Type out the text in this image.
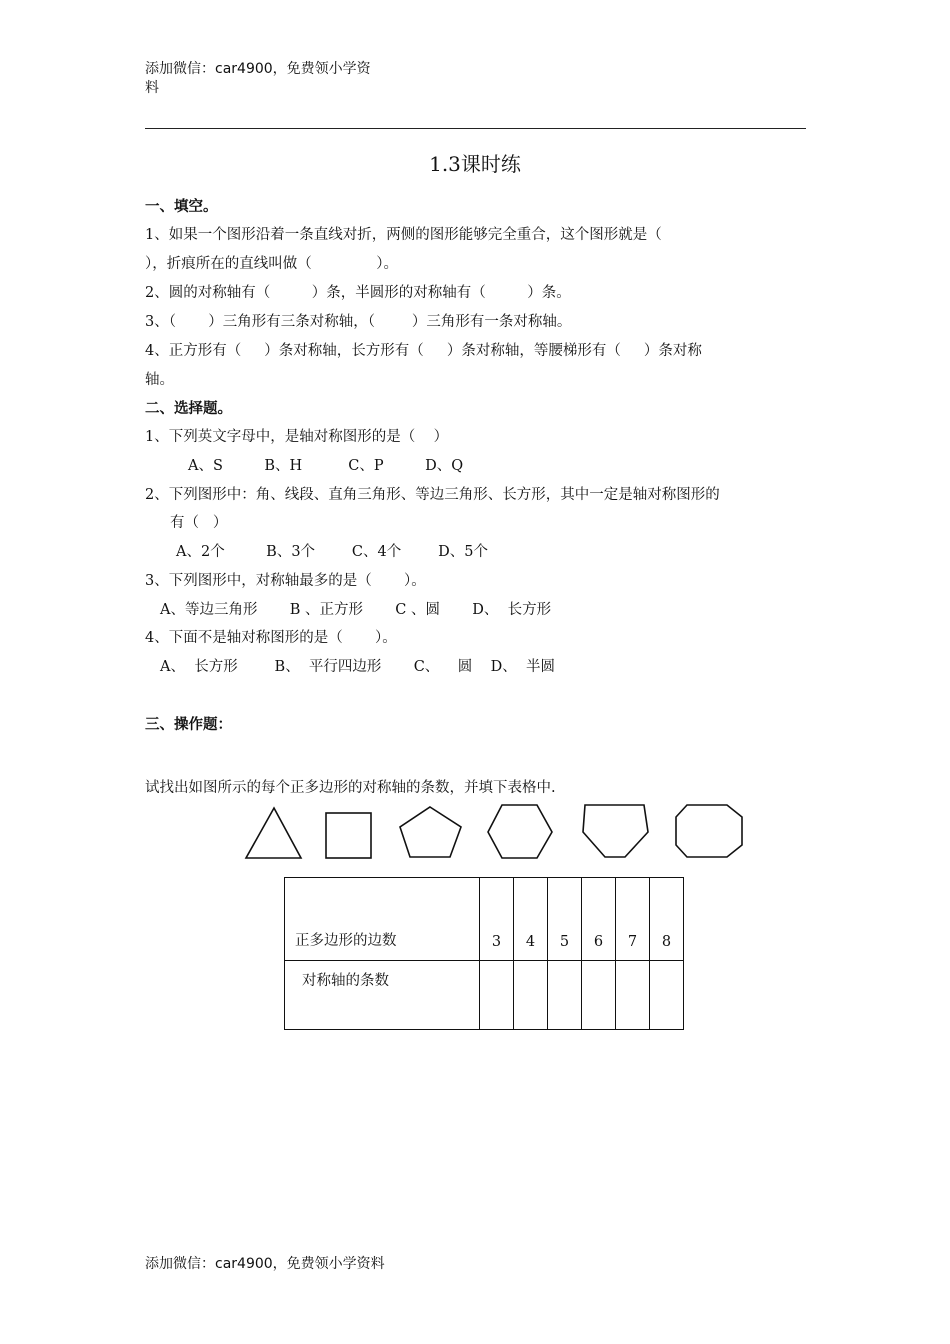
添加微信：car4900，免费领小学资
料
1.3课时练
一、填空。
1、如果一个图形沿着一条直线对折，两侧的图形能够完全重合，这个图形就是（
），折痕所在的直线叫做（              ）。
2、圆的对称轴有（         ）条，半圆形的对称轴有（         ）条。
3、（       ）三角形有三条对称轴，（        ）三角形有一条对称轴。
4、正方形有（     ）条对称轴，长方形有（     ）条对称轴，等腰梯形有（     ）条对称
轴。
二、选择题。
1、下列英文字母中，是轴对称图形的是（    ）
A、S         B、H          C、P         D、Q
2、下列图形中：角、线段、直角三角形、等边三角形、长方形，其中一定是轴对称图形的
有（   ）
A、2个         B、3个        C、4个        D、5个
3、下列图形中，对称轴最多的是（       ）。
A、等边三角形       B 、正方形       C 、圆       D、  长方形
4、下面不是轴对称图形的是（       ）。
A、  长方形        B、  平行四边形       C、    圆    D、  半圆
三、操作题：
试找出如图所示的每个正多边形的对称轴的条数，并填下表格中.
正多边形的边数	3	4	5	6	7	8
对称轴的条数						
添加微信：car4900，免费领小学资料
